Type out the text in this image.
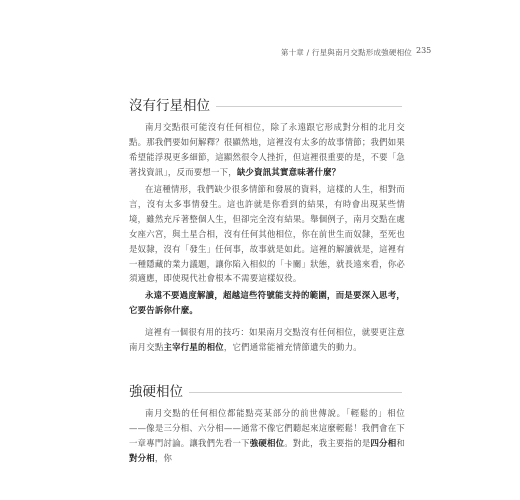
第十章 / 行星與南月交點形成強硬相位 235
沒有行星相位

南月交點很可能沒有任何相位，除了永遠跟它形成對分相的北月交點。那我們要如何解釋？很顯然地，這裡沒有太多的故事情節；我們如果希望能浮現更多細節，這顯然很令人挫折，但這裡很重要的是，不要「急著找資訊」，反而要想一下，缺少資訊其實意味著什麼？

在這種情形，我們缺少很多情節和發展的資料，這樣的人生，相對而言，沒有太多事情發生。這也許就是你看到的結果，有時會出現某些情境，雖然充斥著整個人生，但卻完全沒有結果。舉個例子，南月交點在處女座六宮，與土星合相，沒有任何其他相位，你在前世生而奴隸，至死也是奴隸，沒有「發生」任何事，故事就是如此。這裡的解讀就是，這裡有一種隱藏的業力議題，讓你陷入相似的「卡關」狀態，就長遠來看，你必須適應，即使現代社會根本不需要這樣奴役。

永遠不要過度解讀，超越這些符號能支持的範圍，而是要深入思考，它要告訴你什麼。

這裡有一個很有用的技巧：如果南月交點沒有任何相位，就要更注意南月交點主宰行星的相位，它們通常能補充情節遺失的動力。

強硬相位

南月交點的任何相位都能點亮某部分的前世傳說。「輕鬆的」相位——像是三分相、六分相——通常不像它們聽起來這麼輕鬆！我們會在下一章專門討論。讓我們先看一下強硬相位。對此，我主要指的是四分相和對分相，你
